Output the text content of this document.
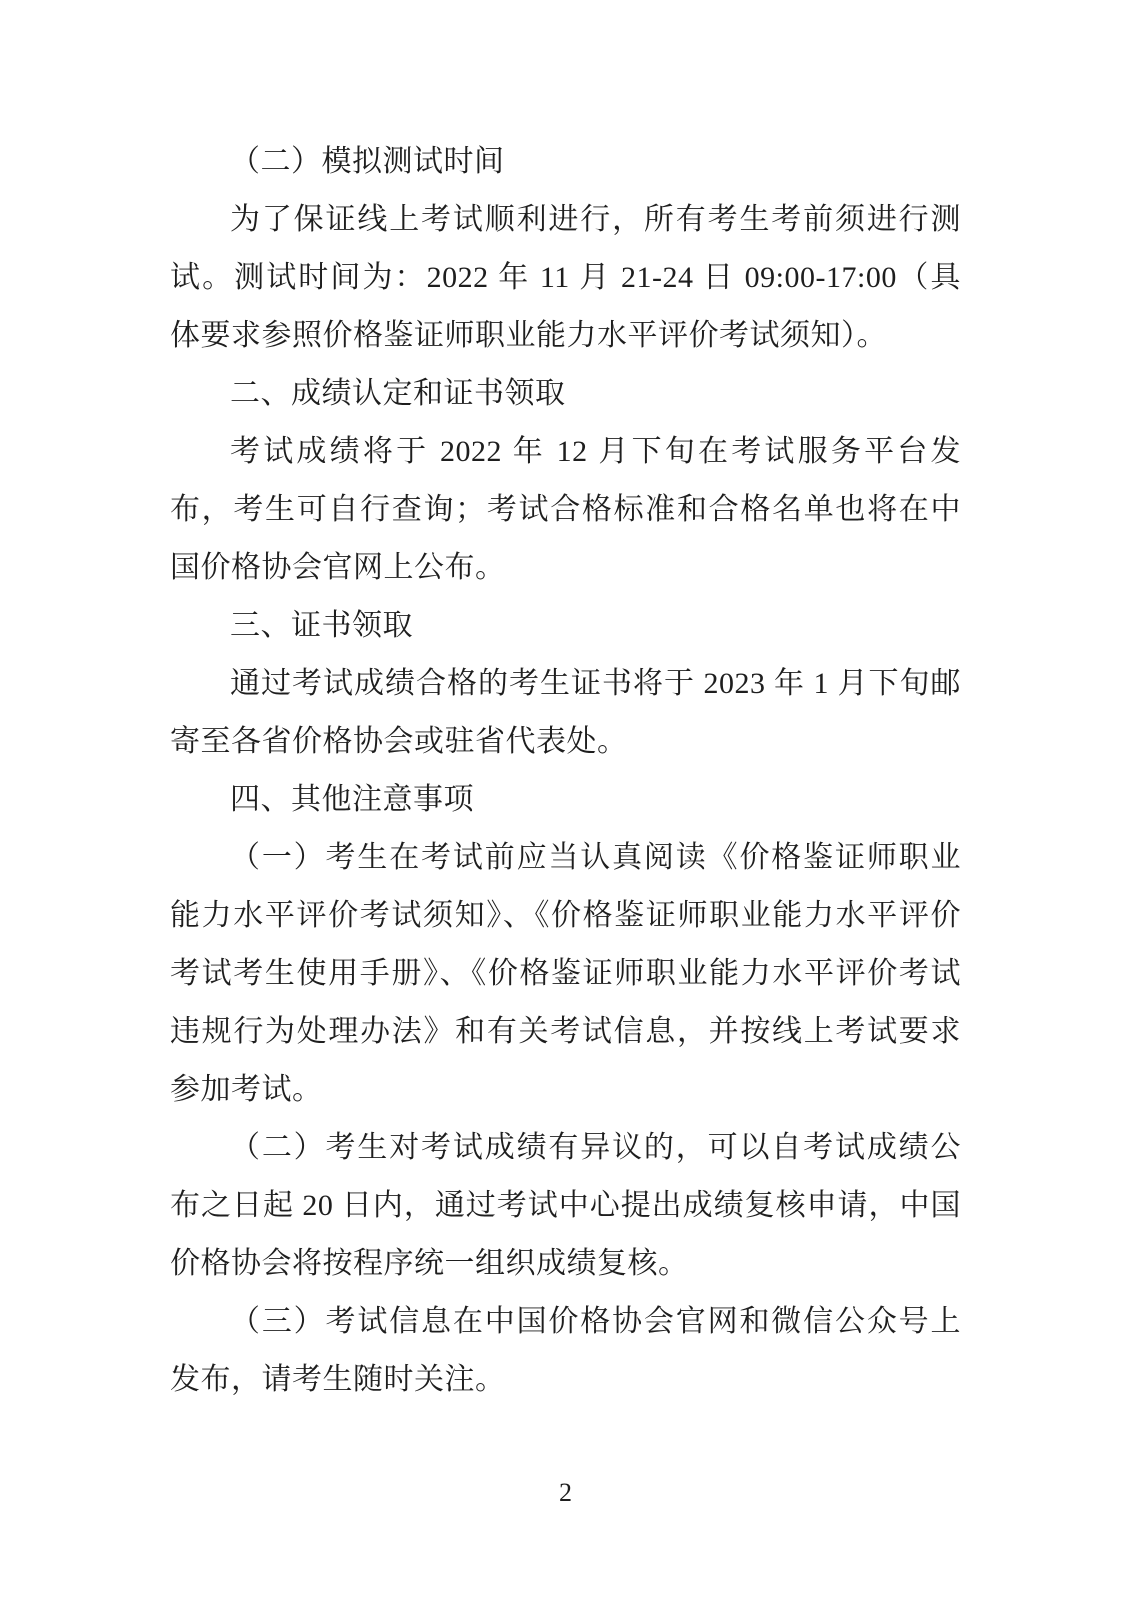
（二）模拟测试时间

为了保证线上考试顺利进行，所有考生考前须进行测试。测试时间为：2022 年 11 月 21-24 日 09:00-17:00（具体要求参照价格鉴证师职业能力水平评价考试须知）。

二、成绩认定和证书领取

考试成绩将于 2022 年 12 月下旬在考试服务平台发布，考生可自行查询；考试合格标准和合格名单也将在中国价格协会官网上公布。

三、证书领取

通过考试成绩合格的考生证书将于 2023 年 1 月下旬邮寄至各省价格协会或驻省代表处。

四、其他注意事项

（一）考生在考试前应当认真阅读《价格鉴证师职业能力水平评价考试须知》、《价格鉴证师职业能力水平评价考试考生使用手册》、《价格鉴证师职业能力水平评价考试违规行为处理办法》和有关考试信息，并按线上考试要求参加考试。

（二）考生对考试成绩有异议的，可以自考试成绩公布之日起 20 日内，通过考试中心提出成绩复核申请，中国价格协会将按程序统一组织成绩复核。

（三）考试信息在中国价格协会官网和微信公众号上发布，请考生随时关注。

2
